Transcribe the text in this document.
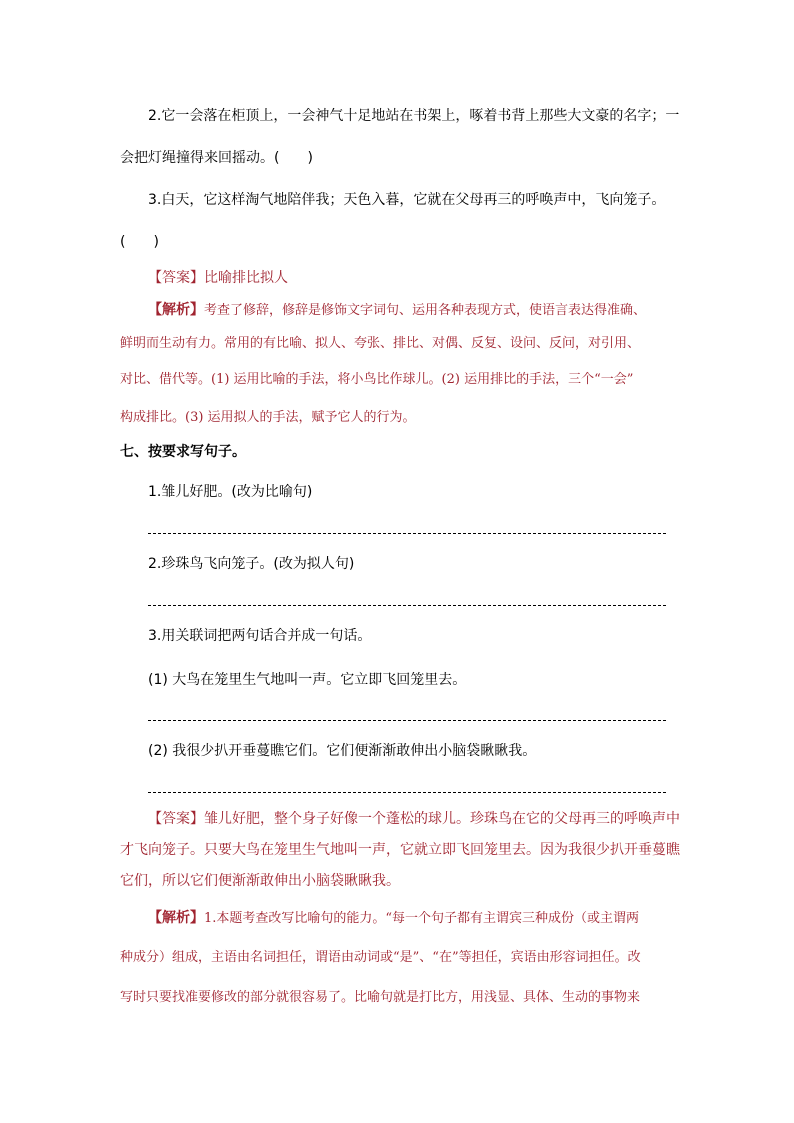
2.它一会落在柜顶上，一会神气十足地站在书架上，啄着书背上那些大文豪的名字；一
会把灯绳撞得来回摇动。(　　)
3.白天，它这样淘气地陪伴我；天色入暮，它就在父母再三的呼唤声中，飞向笼子。
(　　)
【答案】比喻排比拟人
【解析】考查了修辞，修辞是修饰文字词句、运用各种表现方式，使语言表达得准确、
鲜明而生动有力。常用的有比喻、拟人、夸张、排比、对偶、反复、设问、反问，对引用、
对比、借代等。(1) 运用比喻的手法，将小鸟比作球儿。(2) 运用排比的手法，三个“一会”
构成排比。(3) 运用拟人的手法，赋予它人的行为。
七、按要求写句子。
1.雏儿好肥。(改为比喻句)
2.珍珠鸟飞向笼子。(改为拟人句)
3.用关联词把两句话合并成一句话。
(1) 大鸟在笼里生气地叫一声。它立即飞回笼里去。
(2) 我很少扒开垂蔓瞧它们。它们便渐渐敢伸出小脑袋瞅瞅我。
【答案】雏儿好肥，整个身子好像一个蓬松的球儿。珍珠鸟在它的父母再三的呼唤声中
才飞向笼子。只要大鸟在笼里生气地叫一声，它就立即飞回笼里去。因为我很少扒开垂蔓瞧
它们，所以它们便渐渐敢伸出小脑袋瞅瞅我。
【解析】1.本题考查改写比喻句的能力。“每一个句子都有主谓宾三种成份（或主谓两
种成分）组成，主语由名词担任，谓语由动词或“是”、“在”等担任，宾语由形容词担任。改
写时只要找准要修改的部分就很容易了。比喻句就是打比方，用浅显、具体、生动的事物来
